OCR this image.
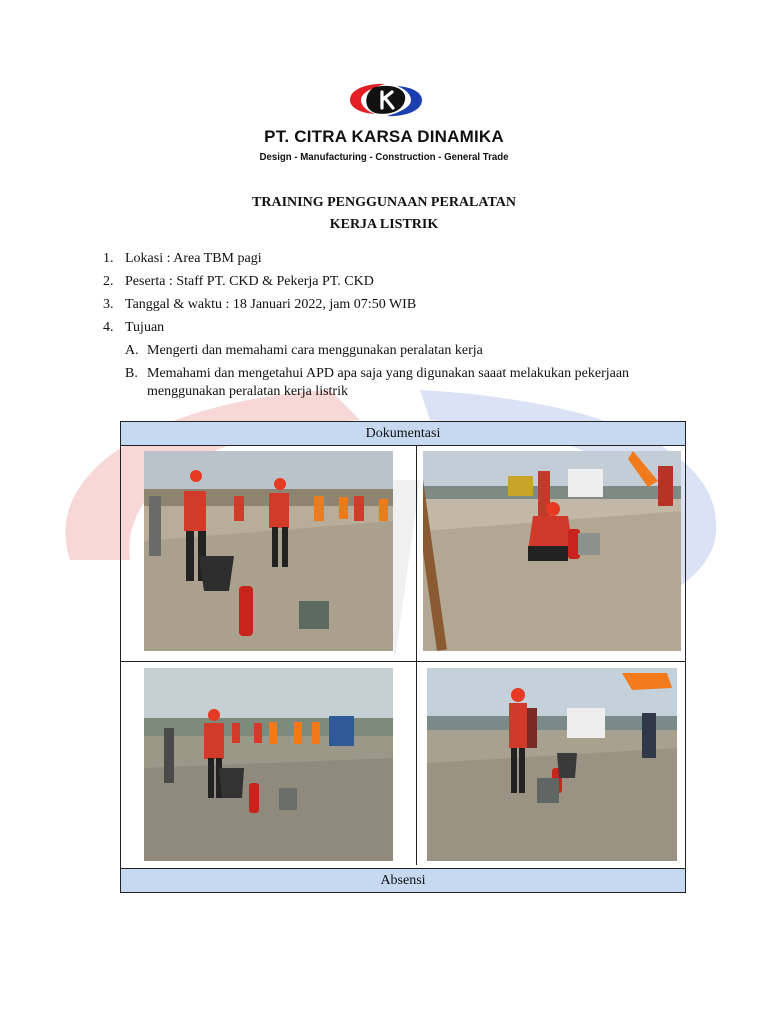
PT. CITRA KARSA DINAMIKA
Design - Manufacturing - Construction - General Trade
TRAINING PENGGUNAAN PERALATAN
KERJA LISTRIK
1. Lokasi : Area TBM pagi
2. Peserta : Staff PT. CKD & Pekerja PT. CKD
3. Tanggal & waktu : 18 Januari 2022, jam 07:50 WIB
4. Tujuan
A. Mengerti dan memahami cara menggunakan peralatan kerja
B. Memahami dan mengetahui APD apa saja yang digunakan saaat melakukan pekerjaan menggunakan peralatan kerja listrik
Dokumentasi
Absensi
